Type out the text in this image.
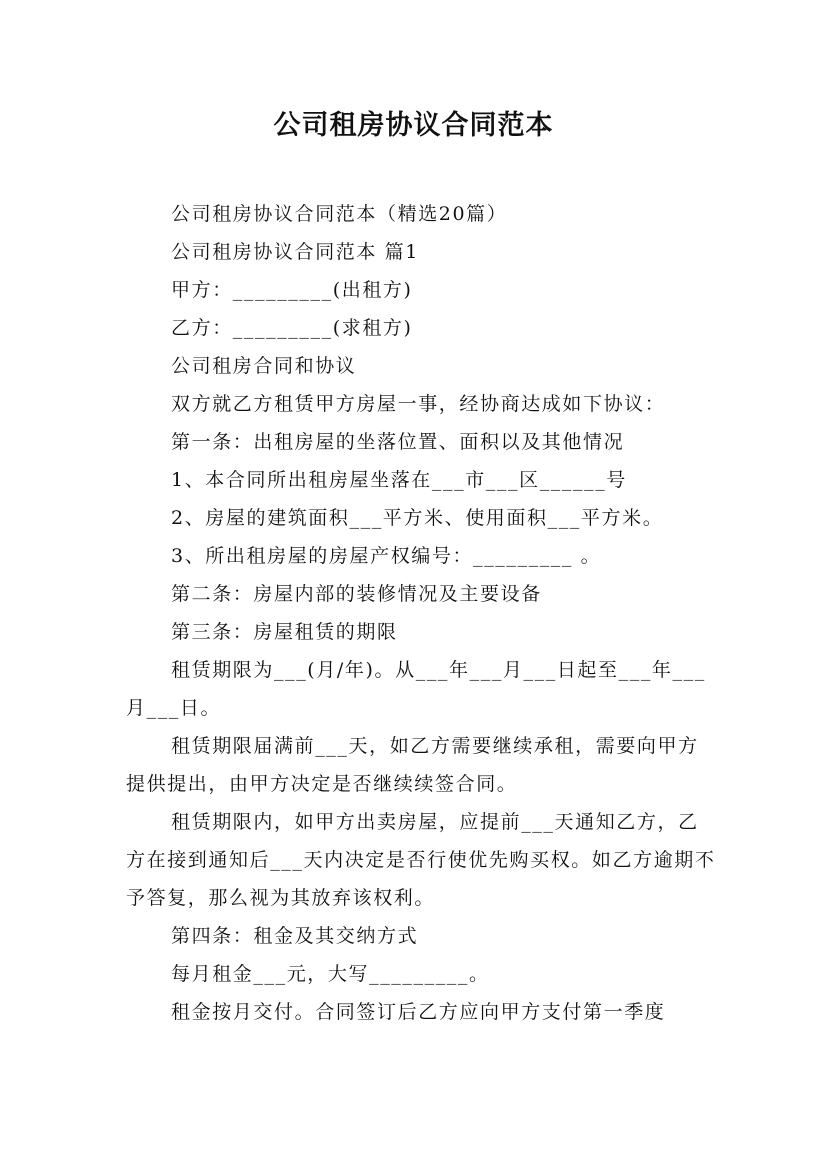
公司租房协议合同范本

公司租房协议合同范本（精选20篇）

公司租房协议合同范本 篇1

甲方：_________(出租方)

乙方：_________(求租方)

公司租房合同和协议

双方就乙方租赁甲方房屋一事，经协商达成如下协议：

第一条：出租房屋的坐落位置、面积以及其他情况

1、本合同所出租房屋坐落在___市___区______号

2、房屋的建筑面积___平方米、使用面积___平方米。

3、所出租房屋的房屋产权编号：_________ 。

第二条：房屋内部的装修情况及主要设备

第三条：房屋租赁的期限

租赁期限为___(月/年)。从___年___月___日起至___年___月___日。

租赁期限届满前___天，如乙方需要继续承租，需要向甲方提供提出，由甲方决定是否继续续签合同。

租赁期限内，如甲方出卖房屋，应提前___天通知乙方，乙方在接到通知后___天内决定是否行使优先购买权。如乙方逾期不予答复，那么视为其放弃该权利。

第四条：租金及其交纳方式

每月租金___元，大写_________。

租金按月交付。合同签订后乙方应向甲方支付第一季度
